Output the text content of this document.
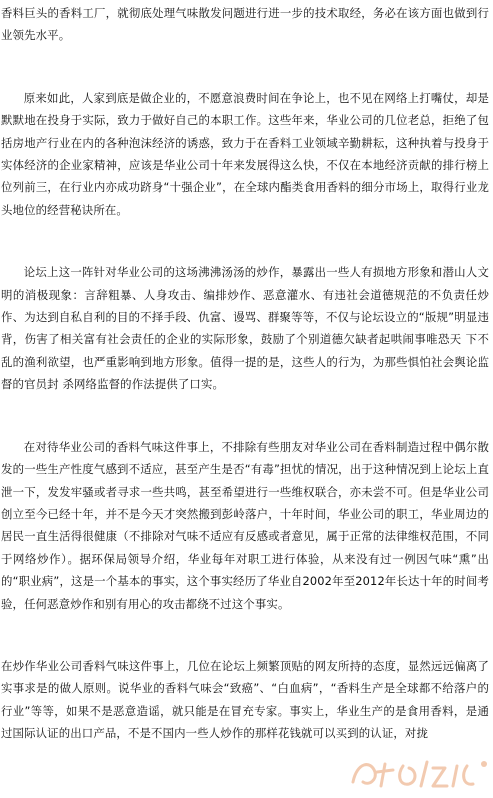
香料巨头的香料工厂，就彻底处理气味散发问题进行进一步的技术取经，务必在该方面也做到行业领先水平。

原来如此，人家到底是做企业的，不愿意浪费时间在争论上，也不见在网络上打嘴仗，却是默默地在投身于实际，致力于做好自己的本职工作。这些年来，华业公司的几位老总，拒绝了包括房地产行业在内的各种泡沫经济的诱惑，致力于在香料工业领域辛勤耕耘，这种执着与投身于实体经济的企业家精神，应该是华业公司十年来发展得这么快，不仅在本地经济贡献的排行榜上位列前三，在行业内亦成功跻身“十强企业”，在全球内酯类食用香料的细分市场上，取得行业龙头地位的经营秘诀所在。

论坛上这一阵针对华业公司的这场沸沸汤汤的炒作，暴露出一些人有损地方形象和潜山人文明的消极现象：言辞粗暴、人身攻击、编排炒作、恶意灌水、有违社会道德规范的不负责任炒作、为达到自私自利的目的不择手段、仇富、谩骂、群聚等等，不仅与论坛设立的“版规”明显违背，伤害了相关富有社会责任的企业的实际形象，鼓励了个别道德欠缺者起哄闹事唯恐天 下不乱的渔利欲望，也严重影响到地方形象。值得一提的是，这些人的行为，为那些惧怕社会舆论监督的官员封 杀网络监督的作法提供了口实。

在对待华业公司的香料气味这件事上，不排除有些朋友对华业公司在香料制造过程中偶尔散发的一些生产性度气感到不适应，甚至产生是否“有毒”担忧的情况，出于这种情况到上论坛上直泄一下，发发牢骚或者寻求一些共鸣，甚至希望进行一些维权联合，亦未尝不可。但是华业公司创立至今已经十年，并不是今天才突然搬到彭岭落户，十年时间，华业公司的职工，华业周边的居民一直生活得很健康（不排除对气味不适应有反感或者意见，属于正常的法律维权范围，不同于网络炒作）。据环保局领导介绍，华业每年对职工进行体验，从来没有过一例因气味“熏”出的“职业病”，这是一个基本的事实，这个事实经历了华业自2002年至2012年长达十年的时间考验，任何恶意炒作和别有用心的攻击都绕不过这个事实。

在炒作华业公司香料气味这件事上，几位在论坛上频繁顶贴的网友所持的态度，显然远远偏离了实事求是的做人原则。说华业的香料气味会“致癌”、“白血病”，“香料生产是全球都不给落户的行业”等等，如果不是恶意造谣，就只能是在冒充专家。事实上，华业生产的是食用香料，是通过国际认证的出口产品，不是不国内一些人炒作的那样花钱就可以买到的认证，对拢
